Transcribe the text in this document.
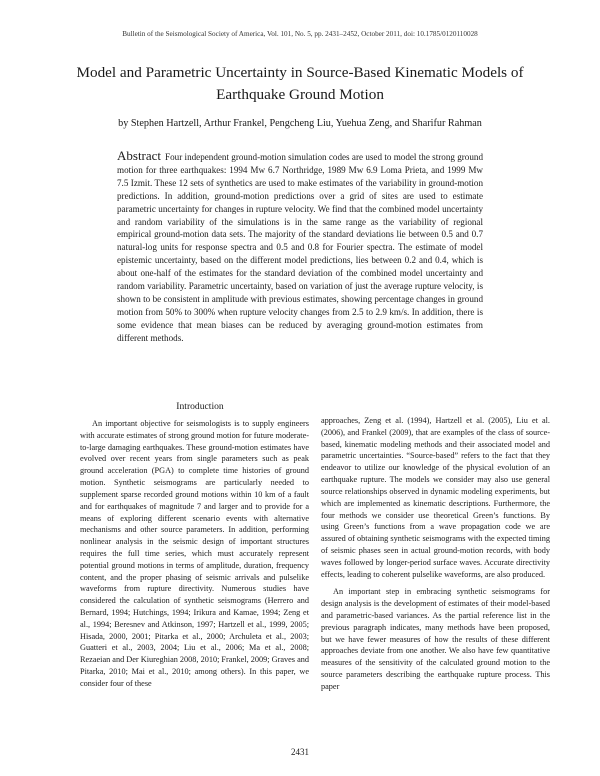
Bulletin of the Seismological Society of America, Vol. 101, No. 5, pp. 2431–2452, October 2011, doi: 10.1785/0120110028
Model and Parametric Uncertainty in Source-Based Kinematic Models of Earthquake Ground Motion
by Stephen Hartzell, Arthur Frankel, Pengcheng Liu, Yuehua Zeng, and Sharifur Rahman

Abstract Four independent ground-motion simulation codes are used to model the strong ground motion for three earthquakes: 1994 Mw 6.7 Northridge, 1989 Mw 6.9 Loma Prieta, and 1999 Mw 7.5 Izmit. These 12 sets of synthetics are used to make estimates of the variability in ground-motion predictions. In addition, ground-motion predictions over a grid of sites are used to estimate parametric uncertainty for changes in rupture velocity. We find that the combined model uncertainty and random variability of the simulations is in the same range as the variability of regional empirical ground-motion data sets. The majority of the standard deviations lie between 0.5 and 0.7 natural-log units for response spectra and 0.5 and 0.8 for Fourier spectra. The estimate of model epistemic uncertainty, based on the different model predictions, lies between 0.2 and 0.4, which is about one-half of the estimates for the standard deviation of the combined model uncertainty and random variability. Parametric uncertainty, based on variation of just the average rupture velocity, is shown to be consistent in amplitude with previous estimates, showing percentage changes in ground motion from 50% to 300% when rupture velocity changes from 2.5 to 2.9 km/s. In addition, there is some evidence that mean biases can be reduced by averaging ground-motion estimates from different methods.

Introduction

An important objective for seismologists is to supply engineers with accurate estimates of strong ground motion for future moderate-to-large damaging earthquakes. These ground-motion estimates have evolved over recent years from single parameters such as peak ground acceleration (PGA) to complete time histories of ground motion. Synthetic seismograms are particularly needed to supplement sparse recorded ground motions within 10 km of a fault and for earthquakes of magnitude 7 and larger and to provide for a means of exploring different scenario events with alternative mechanisms and other source parameters. In addition, performing nonlinear analysis in the seismic design of important structures requires the full time series, which must accurately represent potential ground motions in terms of amplitude, duration, frequency content, and the proper phasing of seismic arrivals and pulselike waveforms from rupture directivity. Numerous studies have considered the calculation of synthetic seismograms (Herrero and Bernard, 1994; Hutchings, 1994; Irikura and Kamae, 1994; Zeng et al., 1994; Beresnev and Atkinson, 1997; Hartzell et al., 1999, 2005; Hisada, 2000, 2001; Pitarka et al., 2000; Archuleta et al., 2003; Guatteri et al., 2003, 2004; Liu et al., 2006; Ma et al., 2008; Rezaeian and Der Kiureghian 2008, 2010; Frankel, 2009; Graves and Pitarka, 2010; Mai et al., 2010; among others). In this paper, we consider four of these

approaches, Zeng et al. (1994), Hartzell et al. (2005), Liu et al. (2006), and Frankel (2009), that are examples of the class of source-based, kinematic modeling methods and their associated model and parametric uncertainties. “Source-based” refers to the fact that they endeavor to utilize our knowledge of the physical evolution of an earthquake rupture. The models we consider may also use general source relationships observed in dynamic modeling experiments, but which are implemented as kinematic descriptions. Furthermore, the four methods we consider use theoretical Green’s functions. By using Green’s functions from a wave propagation code we are assured of obtaining synthetic seismograms with the expected timing of seismic phases seen in actual ground-motion records, with body waves followed by longer-period surface waves. Accurate directivity effects, leading to coherent pulselike waveforms, are also produced.

An important step in embracing synthetic seismograms for design analysis is the development of estimates of their model-based and parametric-based variances. As the partial reference list in the previous paragraph indicates, many methods have been proposed, but we have fewer measures of how the results of these different approaches deviate from one another. We also have few quantitative measures of the sensitivity of the calculated ground motion to the source parameters describing the earthquake rupture process. This paper

2431
